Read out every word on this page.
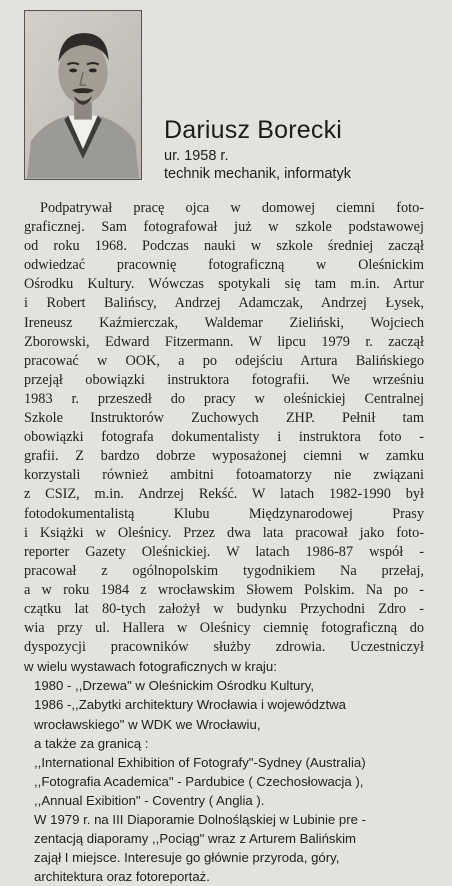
Dariusz Borecki
ur. 1958 r.
technik mechanik, informatyk
Podpatrywał pracę ojca w domowej ciemni foto-
graficznej. Sam fotografował już w szkole podstawowej
od roku 1968. Podczas nauki w szkole średniej zaczął
odwiedzać pracownię fotograficzną w Oleśnickim
Ośrodku Kultury. Wówczas spotykali się tam m.in. Artur
i Robert Balińscy, Andrzej Adamczak, Andrzej Łysek,
Ireneusz Kaźmierczak, Waldemar Zieliński, Wojciech
Zborowski, Edward Fitzermann. W lipcu 1979 r. zaczął
pracować w OOK, a po odejściu Artura Balińskiego
przejął obowiązki instruktora fotografii. We wrześniu
1983 r. przeszedł do pracy w oleśnickiej Centralnej
Szkole Instruktorów Zuchowych ZHP. Pełnił tam
obowiązki fotografa dokumentalisty i instruktora foto -
grafii. Z bardzo dobrze wyposażonej ciemni w zamku
korzystali również ambitni fotoamatorzy nie związani
z CSIZ, m.in. Andrzej Rekść. W latach 1982-1990 był
fotodokumentalistą Klubu Międzynarodowej Prasy
i Książki w Oleśnicy. Przez dwa lata pracował jako foto-
reporter Gazety Oleśnickiej. W latach 1986-87 współ -
pracował z ogólnopolskim tygodnikiem Na przełaj,
a w roku 1984 z wrocławskim Słowem Polskim. Na po -
czątku lat 80-tych założył w budynku Przychodni Zdro -
wia przy ul. Hallera w Oleśnicy ciemnię fotograficzną do
dyspozycji pracowników służby zdrowia. Uczestniczył
w wielu wystawach fotograficznych w kraju:
1980 - ,,Drzewa" w Oleśnickim Ośrodku Kultury,
1986 -,,Zabytki architektury Wrocławia i województwa
wrocławskiego" w WDK we Wrocławiu,
a także za granicą :
,,International Exhibition of Fotografy"-Sydney (Australia)
,,Fotografia Academica" - Pardubice ( Czechosłowacja ),
,,Annual Exibition" - Coventry ( Anglia ).
W 1979 r. na III Diaporamie Dolnośląskiej w Lubinie pre -
zentacją diaporamy ,,Pociąg" wraz z Arturem Balińskim
zajął I miejsce. Interesuje go głównie przyroda, góry,
architektura oraz fotoreportaż.
